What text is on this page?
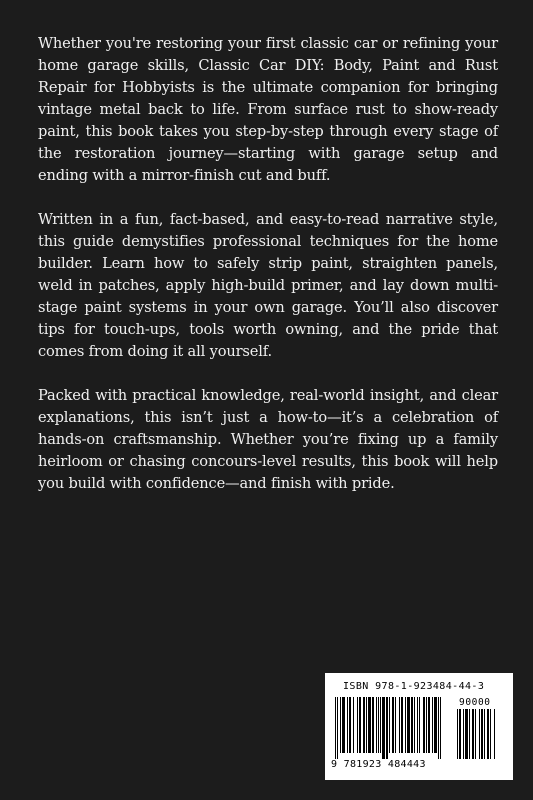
Whether you're restoring your first classic car or refining your home garage skills, Classic Car DIY: Body, Paint and Rust Repair for Hobbyists is the ultimate companion for bringing vintage metal back to life. From surface rust to show-ready paint, this book takes you step-by-step through every stage of the restoration journey—starting with garage setup and ending with a mirror-finish cut and buff.

Written in a fun, fact-based, and easy-to-read narrative style, this guide demystifies professional techniques for the home builder. Learn how to safely strip paint, straighten panels, weld in patches, apply high-build primer, and lay down multi-stage paint systems in your own garage. You’ll also discover tips for touch-ups, tools worth owning, and the pride that comes from doing it all yourself.

Packed with practical knowledge, real-world insight, and clear explanations, this isn’t just a how-to—it’s a celebration of hands-on craftsmanship. Whether you’re fixing up a family heirloom or chasing concours-level results, this book will help you build with confidence—and finish with pride.

ISBN 978-1-923484-44-3
90000
9 781923 484443
